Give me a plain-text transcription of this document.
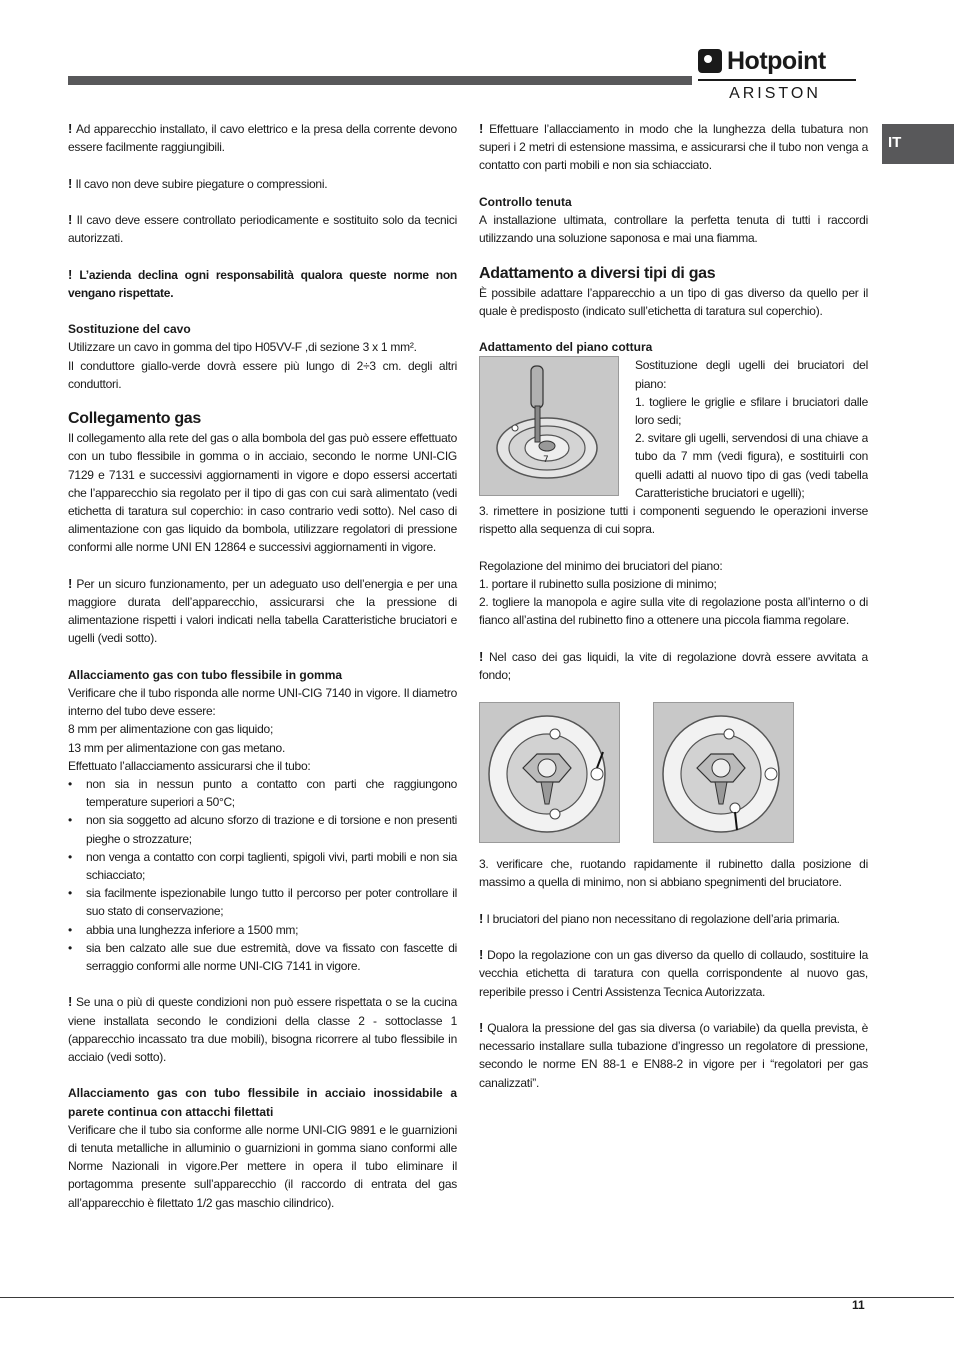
Hotpoint
ARISTON
IT

! Ad apparecchio installato, il cavo elettrico e la presa della corrente devono essere facilmente raggiungibili.

! Il cavo non deve subire piegature o compressioni.

! Il cavo deve essere controllato periodicamente e sostituito solo da tecnici autorizzati.

! L’azienda declina ogni responsabilità qualora queste norme non vengano rispettate.

Sostituzione del cavo

Utilizzare un cavo in gomma del tipo H05VV-F ,di sezione 3 x 1 mm².

Il conduttore giallo-verde dovrà essere più lungo di 2÷3 cm. degli altri conduttori.

Collegamento gas

Il collegamento alla rete del gas o alla bombola del gas può essere effettuato con un tubo flessibile in gomma o in acciaio, secondo le norme UNI-CIG 7129 e 7131 e successivi aggiornamenti in vigore e dopo essersi accertati che l’apparecchio sia regolato per il tipo di gas con cui sarà alimentato (vedi etichetta di taratura sul coperchio: in caso contrario vedi sotto). Nel caso di alimentazione con gas liquido da bombola, utilizzare regolatori di pressione conformi alle norme UNI EN 12864 e successivi aggiornamenti in vigore.

! Per un sicuro funzionamento, per un adeguato uso dell’energia e per una maggiore durata dell’apparecchio, assicurarsi che la pressione di alimentazione rispetti i valori indicati nella tabella Caratteristiche bruciatori e ugelli (vedi sotto).

Allacciamento gas con tubo flessibile in gomma

Verificare che il tubo risponda alle norme UNI-CIG 7140 in vigore. Il diametro interno del tubo deve essere:

8 mm per alimentazione con gas liquido;

13 mm per alimentazione con gas metano.

Effettuato l’allacciamento assicurarsi che il tubo:

• non sia in nessun punto a contatto con parti che raggiungono temperature superiori a 50°C;
• non sia soggetto ad alcuno sforzo di trazione e di torsione e non presenti pieghe o strozzature;
• non venga a contatto con corpi taglienti, spigoli vivi, parti mobili e non sia schiacciato;
• sia facilmente ispezionabile lungo tutto il percorso per poter controllare il suo stato di conservazione;
• abbia una lunghezza inferiore a 1500 mm;
• sia ben calzato alle sue due estremità, dove va fissato con fascette di serraggio conformi alle norme UNI-CIG 7141 in vigore.

! Se una o più di queste condizioni non può essere rispettata o se la cucina viene installata secondo le condizioni della classe 2 - sottoclasse 1 (apparecchio incassato tra due mobili), bisogna ricorrere al tubo flessibile in acciaio (vedi sotto).

Allacciamento gas con tubo flessibile in acciaio inossidabile a parete continua con attacchi filettati

Verificare che il tubo sia conforme alle norme UNI-CIG 9891 e le guarnizioni di tenuta metalliche in alluminio o guarnizioni in gomma siano conformi alle Norme Nazionali in vigore.Per mettere in opera il tubo eliminare il portagomma presente sull’apparecchio (il raccordo di entrata del gas all’apparecchio è filettato 1/2 gas maschio cilindrico).

! Effettuare l’allacciamento in modo che la lunghezza della tubatura non superi i 2 metri di estensione massima, e assicurarsi che il tubo non venga a contatto con parti mobili e non sia schiacciato.

Controllo tenuta

A installazione ultimata, controllare la perfetta tenuta di tutti i raccordi utilizzando una soluzione saponosa e mai una fiamma.

Adattamento a diversi tipi di gas

È possibile adattare l’apparecchio a un tipo di gas diverso da quello per il quale è predisposto (indicato sull’etichetta di taratura sul coperchio).

Adattamento del piano cottura
7

Sostituzione degli ugelli dei bruciatori del piano:

1. togliere le griglie e sfilare i bruciatori dalle loro sedi;

2. svitare gli ugelli, servendosi di una chiave a tubo da 7 mm (vedi figura), e sostituirli con quelli adatti al nuovo tipo di gas (vedi tabella Caratteristiche bruciatori e ugelli);

3. rimettere in posizione tutti i componenti seguendo le operazioni inverse rispetto alla sequenza di cui sopra.

Regolazione del minimo dei bruciatori del piano:

1. portare il rubinetto sulla posizione di minimo;

2. togliere la manopola e agire sulla vite di regolazione posta all’interno o di fianco all’astina del rubinetto fino a ottenere una piccola fiamma regolare.

! Nel caso dei gas liquidi, la vite di regolazione dovrà essere avvitata a fondo;

3. verificare che, ruotando rapidamente il rubinetto dalla posizione di massimo a quella di minimo, non si abbiano spegnimenti del bruciatore.

! I bruciatori del piano non necessitano di regolazione dell’aria primaria.

! Dopo la regolazione con un gas diverso da quello di collaudo, sostituire la vecchia etichetta di taratura con quella corrispondente al nuovo gas, reperibile presso i Centri Assistenza Tecnica Autorizzata.

! Qualora la pressione del gas sia diversa (o variabile) da quella prevista, è necessario installare sulla tubazione d’ingresso un regolatore di pressione, secondo le norme EN 88-1 e EN88-2 in vigore per i “regolatori per gas canalizzati”.

11
